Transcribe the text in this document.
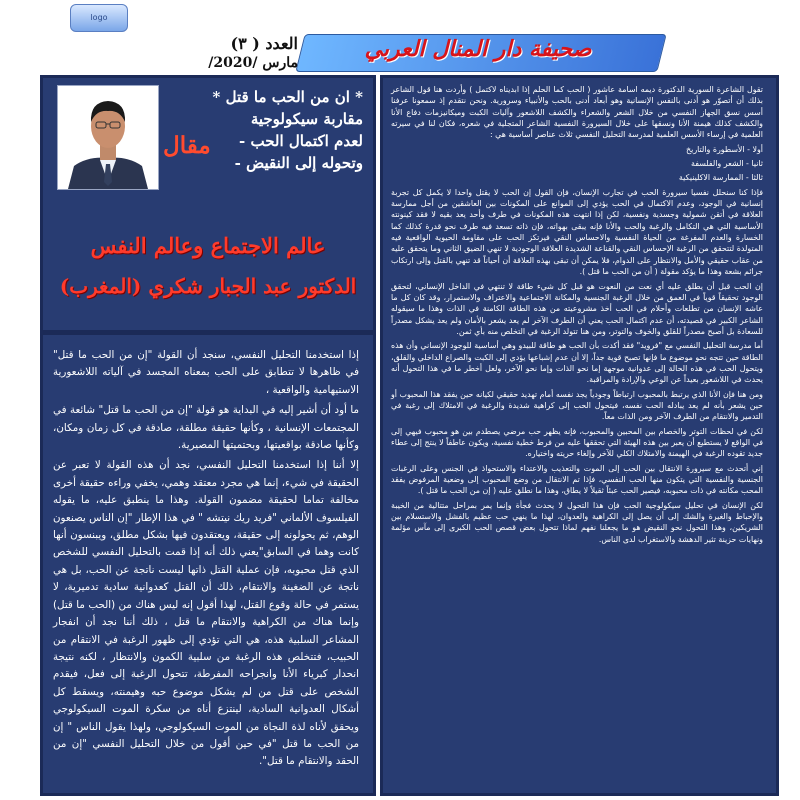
logo
صحيفة دار المنال العربي
العدد ( ٣)
مارس /2020/
* ان من الحب ما قتل *
مقاربة سيكولوجية
لعدم اكتمال الحب -
وتحوله إلى النقيض -
مقال
عالم الاجتماع وعالم النفس
الدكتور عبد الجبار شكري (المغرب)

تقول الشاعرة السورية الدكتورة ديمه اسامة عاشور ( الحب كما الحلم إذا ابديناه لاكتمل ) وأردت هنا قول الشاعر بذلك أن أتصوّر هو أدنى بالنفس الإنسانية وهو أبعاد أدنى بالحب والأنبياء وسرورية. ونحن نتقدم إذ سمعونا عرفنا أسس نسق الجهاز النفسي من خلال الشعر والشعراء والكشف اللاشعور وآليات الكبت وميكانيزمات دفاع الأنا والكشف كذلك هيمنة الأنا ونسقها على خلال السيرورة النفسية الشاعر المتجلية في شعره، فكان لنا في سيرته العلمية في إرساء الأسس العلمية لمدرسة التحليل النفسي ثلاث عناصر أساسية هي :

أولا - الأسطورة والتاريخ

ثانيا - الشعر والفلسفة

ثالثا - الممارسة الاكلينيكية

فإذا كنا سنحلل نفسيا سيرورة الحب في تجارب الإنسان، فإن القول إن الحب لا يقتل واحدا لا يكمل كل تجربة إنسانية في الوجود، وعدم الاكتمال في الحب يؤدي إلى الموانع على المكونات بين العاشقين من أجل ممارسة العلاقة في أتقن شمولية وجسدية ونفسية، لكن إذا انتهت هذه المكونات في طرف وأحد يعد بقيه لا فقد كينونته الأساسية التي هي التكامل والرغبة والحب والأنا فإنه يبقى بهواته، فإن ذاته تسعد فيه طرف نحو قدرة كذلك كما الخسارة والعدم المفرغة من الحياة النفسية والاحساس النقي فيرتكز الحب على مقاومة الحيوية الواقعية فيه المتولدة لتتحقق من الرغبة الإحساس النقي والقناعة الشديدة العلاقة الوجودية لا تنهي الضيق الثاني وما يتحقق عليه من عقاب حقيقي والأمل والانتظار على الدوام، فلا يمكن أن تبقى بهذه العلاقة أن أحياناً قد تنهي بالقتل وإلى ارتكاب جرائم بشعة وهذا ما يؤكد مقولة ( أن من الحب ما قتل ).

إن الحب قبل أن يطلق عليه أي نعت من النعوت هو قبل كل شيء طاقة لا تنتهي في الداخل الإنساني، لتحقق الوجود تحقيقاً قوياً في العمق من خلال الرغبة الجنسية والمكانة الاجتماعية والاعتراف والاستمرار، وقد كان كل ما عاشه الإنسان من تطلعات وأحلام في الحب أخذ مشروعيته من هذه الطاقة الكامنة في الذات وهذا ما سيقوله الشاعر الكبير في قصيدته، أن عدم اكتمال الحب يعني أن الطرف الآخر لم يعد يشعر بالأمان ولم يعد يشكل مصدراً للسعادة بل أصبح مصدراً للقلق والخوف والتوتر، ومن هنا تتولد الرغبة في التخلص منه بأي ثمن.

أما مدرسة التحليل النفسي مع "فرويد" فقد أكدت بأن الحب هو طاقة للبيدو وهي أساسية للوجود الإنساني وأن هذه الطاقة حين تتجه نحو موضوع ما فإنها تصبح قوية جداً، إلا أن عدم إشباعها يؤدي إلى الكبت والصراع الداخلي والقلق، ويتحول الحب في هذه الحالة إلى عدوانية موجهة إما نحو الذات وإما نحو الآخر، ولعل أخطر ما في هذا التحول أنه يحدث في اللاشعور بعيداً عن الوعي والإرادة والمراقبة.

ومن هنا فإن الأنا الذي يرتبط بالمحبوب ارتباطاً وجودياً يجد نفسه أمام تهديد حقيقي لكيانه حين يفقد هذا المحبوب أو حين يشعر بأنه لم يعد يبادله الحب نفسه، فيتحول الحب إلى كراهية شديدة والرغبة في الامتلاك إلى رغبة في التدمير والانتقام من الطرف الآخر ومن الذات معاً.

لكن في لحظات التوتر والخصام بين المحبين والمحبوب، فإنه يظهر حب مرضي يصطدم بين هو محبوب فيهي إلى في الواقع لا يستطيع أن يعبر بين هذه الهيئة التي تحققها عليه من فرط خطية نفسية، ويكون عاطفاً لا ينتج إلى عطاء جديد تقوده الرغبة في الهيمنة والامتلاك الكلي للآخر وإلغاء حريته واختياره.

إني أتحدث مع سيرورة الانتقال بين الحب إلى الموت والتعذيب والاعتداء والاستحواذ في الجنس وعلى الرغبات الجنسية والنفسية التي يتكون منها الحب النفسي، فإذا تم الانتقال من وضع المحبوب إلى وضعية المرفوض يفقد المحب مكانته في ذات محبوبه، فيصير الحب عبئاً ثقيلاً لا يطاق، وهذا ما نطلق عليه ( إن من الحب ما قتل ).

لكن الإنسان في تحليل سيكولوجية الحب فإن هذا التحول لا يحدث فجأة وإنما يمر بمراحل متتالية من الخيبة والإحباط والغيرة والشك إلى أن يصل إلى الكراهية والعدوان، لهذا ما ينهي حب عظيم بالفشل والاستسلام بين الشريكين، وهذا التحول نحو النقيض هو ما يجعلنا نفهم لماذا تتحول بعض قصص الحب الكبرى إلى مآس مؤلمة ونهايات حزينة تثير الدهشة والاستغراب لدى الناس.

إذا استخدمنا التحليل النفسي، سنجد أن القولة "إن من الحب ما قتل" في ظاهرها لا تتطابق على الحب بمعناه المجسد في آلياته اللاشعورية الاستيهامية والواقعية ،

ما أود أن أشير إليه في البداية هو قولة "إن من الحب ما قتل" شائعة في المجتمعات الإنسانية ، وكأنها حقيقة مطلقة، صادقة في كل زمان ومكان، وكأنها صادقة بواقعيتها، وبحتميتها المصيرية.

إلا أننا إذا استخدمنا التحليل النفسي، نجد أن هذه القولة لا تعبر عن الحقيقة في شيء، إنما هي مجرد معتقد وهمي، يخفي وراءه حقيقة أخرى مخالفة تماما لحقيقة مضمون القولة. وهذا ما ينطبق عليه، ما يقوله الفيلسوف الألماني "فريد ريك نيتشه " في هذا الإطار "إن الناس يصنعون الوهم، ثم يحولونه إلى حقيقة، ويعتقدون فيها بشكل مطلق، ويبنسون أنها كانت وهما في السابق"يعني ذلك أنه إذا قمت بالتحليل النفسي للشخص الذي قتل محبوبه، فإن عملية القتل ذاتها ليست ناتجة عن الحب، بل هي ناتجة عن الضغينة والانتقام، ذلك أن القتل كعدوانية سادية تدميرية، لا يستمر في حالة وقوع القتل، لهذا أقول إنه ليس هناك من (الحب ما قتل) وإنما هناك من الكراهية والانتقام ما قتل ، ذلك أننا نجد أن انفجار المشاعر السلبية هذه، هي التي تؤدي إلى ظهور الرغبة في الانتقام من الحبيب، فتتخلص هذه الرغبة من سلبية الكمون والانتظار ، لكنه نتيجة انحدار كبرياء الأنا وانجراحه المفرطة، تتحول الرغبة إلى فعل، فيقدم الشخص على قتل من لم يشكل موضوع حبه وهيمنته، ويسقط كل أشكال العدوانية السادية، لينتزع أناه من سكرة الموت السيكولوجي ويحقق لأناه لذة النجاة من الموت السيكولوجي، ولهذا يقول الناس " إن من الحب ما قتل "في حين أقول من خلال التحليل النفسي "إن من الحقد والانتقام ما قتل".
